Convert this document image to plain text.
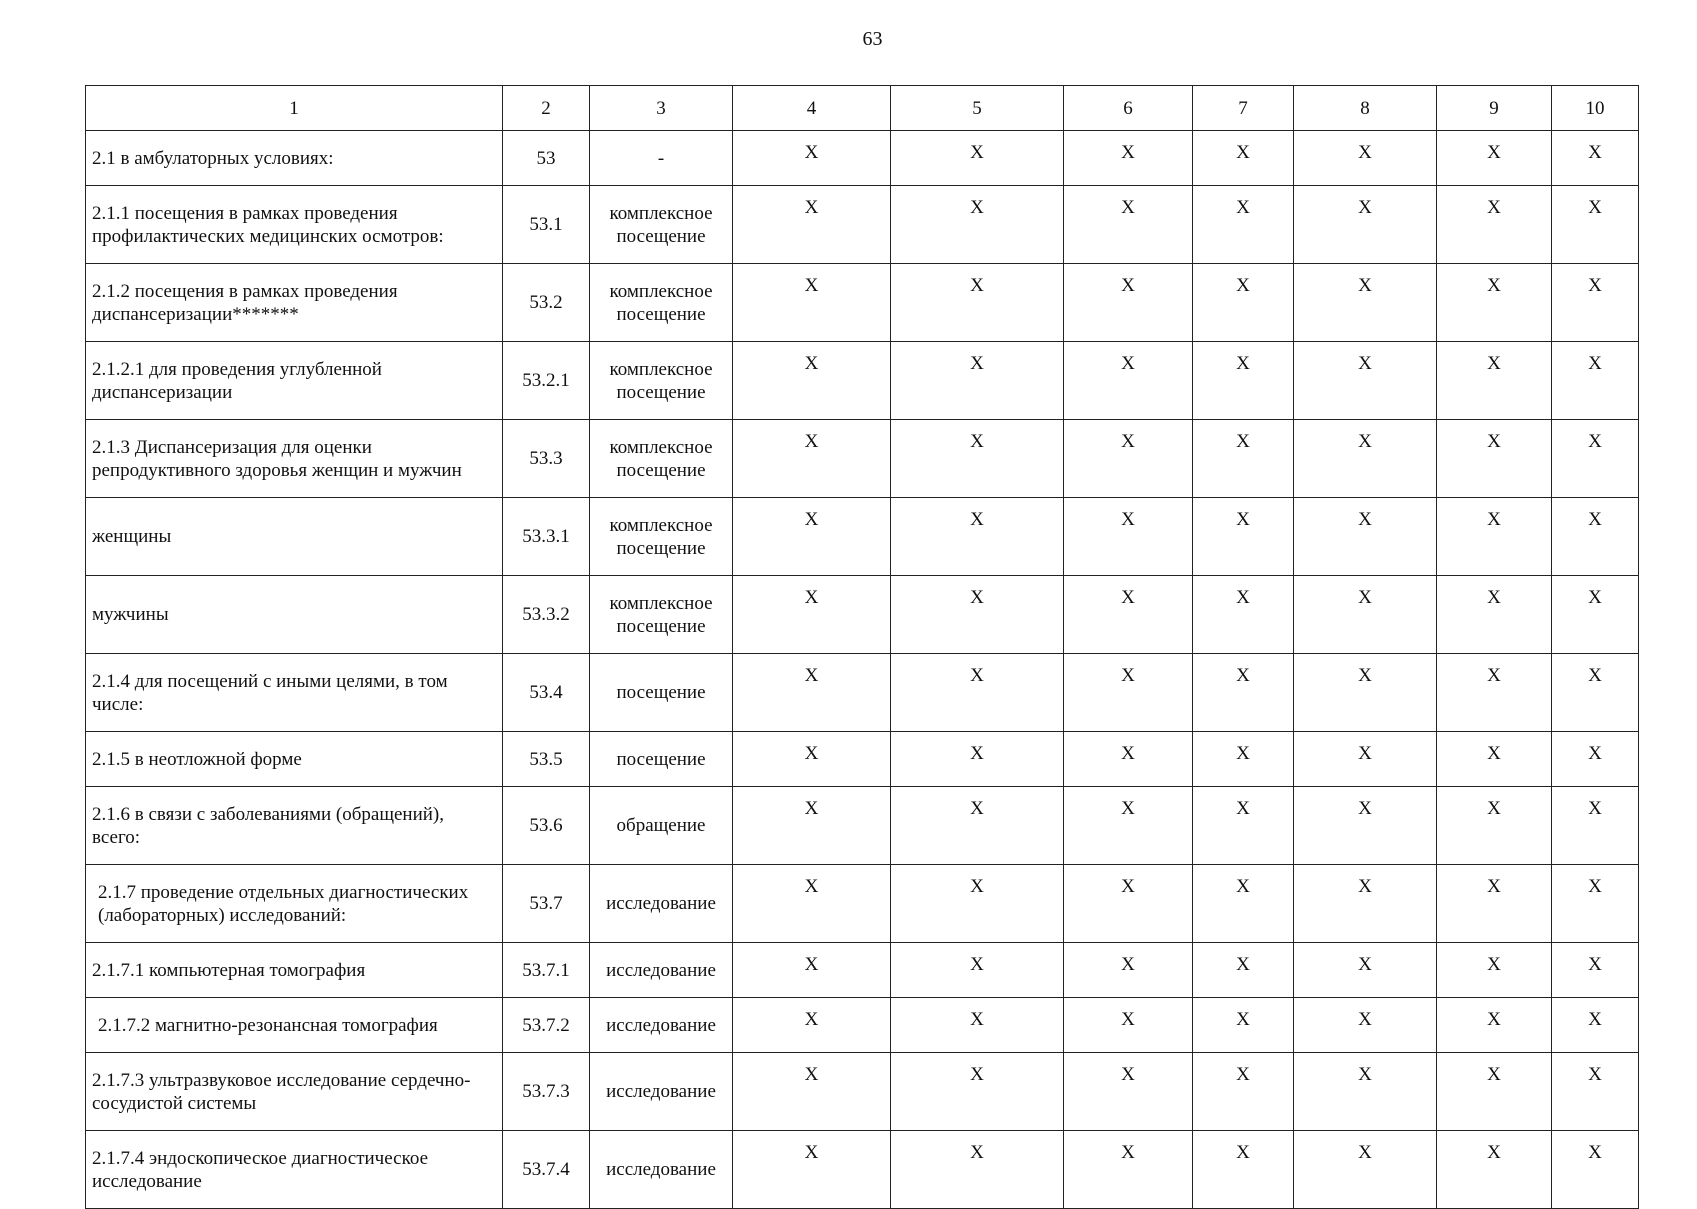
63
1	2	3	4	5	6	7	8	9	10
2.1 в амбулаторных условиях:	53	-	X	X	X	X	X	X	X
2.1.1 посещения в рамках проведения профилактических медицинских осмотров:	53.1	комплексное посещение	X	X	X	X	X	X	X
2.1.2 посещения в рамках проведения диспансеризации*******	53.2	комплексное посещение	X	X	X	X	X	X	X
2.1.2.1 для проведения углубленной диспансеризации	53.2.1	комплексное посещение	X	X	X	X	X	X	X
2.1.3 Диспансеризация для оценки репродуктивного здоровья женщин и мужчин	53.3	комплексное посещение	X	X	X	X	X	X	X
женщины	53.3.1	комплексное посещение	X	X	X	X	X	X	X
мужчины	53.3.2	комплексное посещение	X	X	X	X	X	X	X
2.1.4 для посещений с иными целями, в том числе:	53.4	посещение	X	X	X	X	X	X	X
2.1.5 в неотложной форме	53.5	посещение	X	X	X	X	X	X	X
2.1.6 в связи с заболеваниями (обращений), всего:	53.6	обращение	X	X	X	X	X	X	X
2.1.7 проведение отдельных диагностических (лабораторных) исследований:	53.7	исследование	X	X	X	X	X	X	X
2.1.7.1 компьютерная томография	53.7.1	исследование	X	X	X	X	X	X	X
2.1.7.2 магнитно-резонансная томография	53.7.2	исследование	X	X	X	X	X	X	X
2.1.7.3 ультразвуковое исследование сердечно-сосудистой системы	53.7.3	исследование	X	X	X	X	X	X	X
2.1.7.4 эндоскопическое диагностическое исследование	53.7.4	исследование	X	X	X	X	X	X	X
